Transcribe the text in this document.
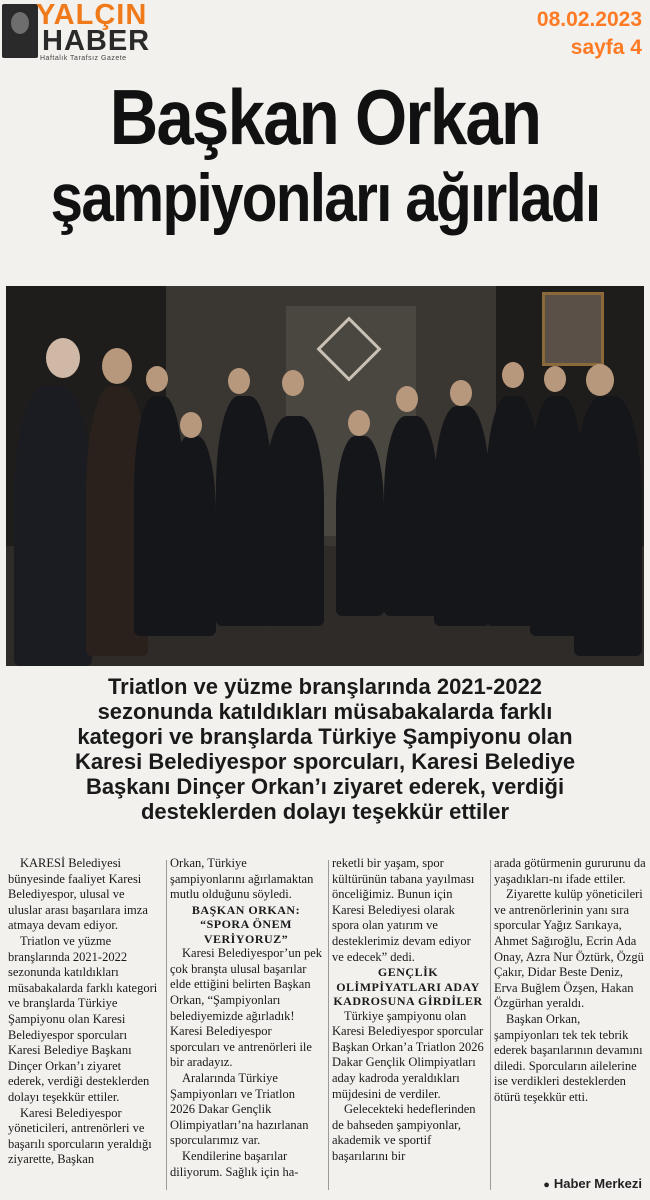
YALÇIN
HABER
Haftalık Tarafsız Gazete
08.02.2023
sayfa 4
Başkan Orkan
şampiyonları ağırladı
Triatlon ve yüzme branşlarında 2021-2022
sezonunda katıldıkları müsabakalarda farklı
kategori ve branşlarda Türkiye Şampiyonu olan
Karesi Belediyespor sporcuları, Karesi Belediye
Başkanı Dinçer Orkan’ı ziyaret ederek, verdiği
desteklerden dolayı teşekkür ettiler

KARESİ Belediyesi bünyesinde faaliyet Karesi Belediyespor, ulusal ve uluslar arası başarılara imza atmaya devam ediyor.

Triatlon ve yüzme branşlarında 2021-2022 sezonunda katıldıkları müsabakalarda farklı kategori ve branşlarda Türkiye Şampiyonu olan Karesi Belediyespor sporcuları Karesi Belediye Başkanı Dinçer Orkan’ı ziyaret ederek, verdiği desteklerden dolayı teşekkür ettiler.

Karesi Belediyespor yöneticileri, antrenörleri ve başarılı sporcuların yeraldığı ziyarette, Başkan

Orkan, Türkiye şampiyonlarını ağırlamaktan mutlu olduğunu söyledi.

BAŞKAN ORKAN:

“SPORA ÖNEM VERİYORUZ”

Karesi Belediyespor’un pek çok branşta ulusal başarılar elde ettiğini belirten Başkan Orkan, “Şampiyonları belediyemizde ağırladık! Karesi Belediyespor sporcuları ve antrenörleri ile bir aradayız.

Aralarında Türkiye Şampiyonları ve Triatlon 2026 Dakar Gençlik Olimpiyatları’na hazırlanan sporcularımız var.

Kendilerine başarılar diliyorum. Sağlık için ha-

reketli bir yaşam, spor kültürünün tabana yayılması önceliğimiz. Bunun için Karesi Belediyesi olarak spora olan yatırım ve desteklerimiz devam ediyor ve edecek” dedi.

GENÇLİK

OLİMPİYATLARI ADAY KADROSUNA GİRDİLER

Türkiye şampiyonu olan Karesi Belediyespor sporcular Başkan Orkan’a Triatlon 2026 Dakar Gençlik Olimpiyatları aday kadroda yeraldıkları müjdesini de verdiler.

Gelecekteki hedeflerinden de bahseden şampiyonlar, akademik ve sportif başarılarını bir

arada götürmenin gururunu da yaşadıkları-nı ifade ettiler.

Ziyarette kulüp yöneticileri ve antrenörlerinin yanı sıra sporcular Yağız Sarıkaya, Ahmet Sağıroğlu, Ecrin Ada Onay, Azra Nur Öztürk, Özgü Çakır, Didar Beste Deniz, Erva Buğlem Özşen, Hakan Özgürhan yeraldı.

Başkan Orkan, şampiyonları tek tek tebrik ederek başarılarının devamını diledi. Sporcuların ailelerine ise verdikleri desteklerden ötürü teşekkür etti.

● Haber Merkezi
